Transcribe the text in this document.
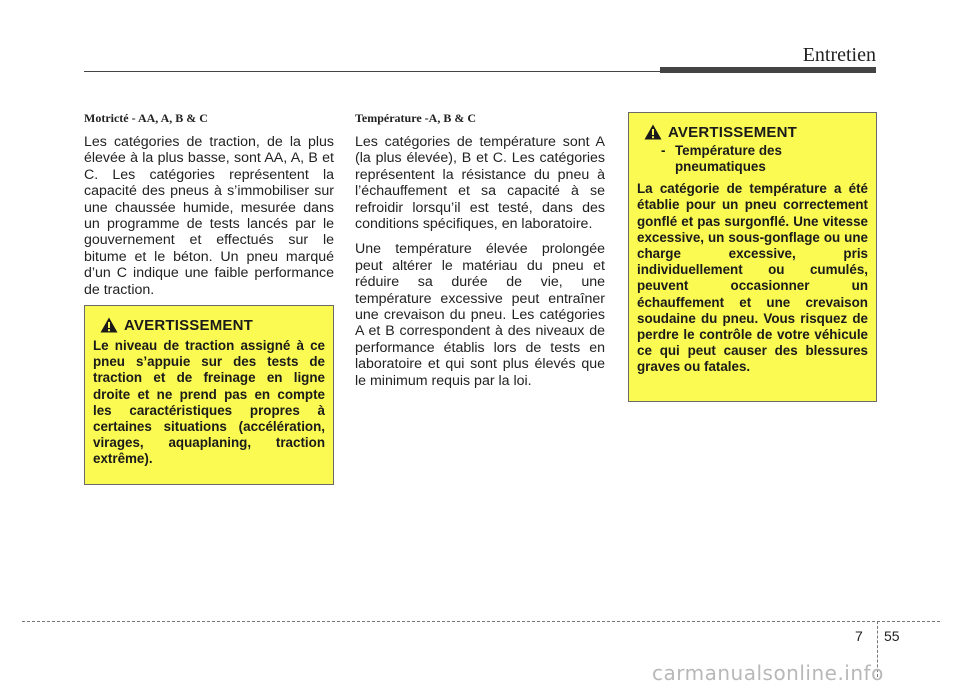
Entretien
Motricté - AA, A, B & C

Les catégories de traction, de la plus élevée à la plus basse, sont AA, A, B et C. Les catégories représentent la capacité des pneus à s’immobiliser sur une chaussée humide, mesurée dans un programme de tests lancés par le gouvernement et effectués sur le bitume et le béton. Un pneu marqué d’un C indique une faible performance de traction.

Température -A, B & C

Les catégories de température sont A (la plus élevée), B et C. Les catégories représentent la résistance du pneu à l’échauffement et sa capacité à se refroidir lorsqu’il est testé, dans des conditions spécifiques, en laboratoire.

Une température élevée prolongée peut altérer le matériau du pneu et réduire sa durée de vie, une température excessive peut entraîner une crevaison du pneu. Les catégories A et B correspondent à des niveaux de performance établis lors de tests en laboratoire et qui sont plus élevés que le minimum requis par la loi.

AVERTISSEMENT

Le niveau de traction assigné à ce pneu s’appuie sur des tests de traction et de freinage en ligne droite et ne prend pas en compte les caractéristiques propres à certaines situations (accélération, virages, aquaplaning, traction extrême).

AVERTISSEMENT
- Température des pneumatiques

La catégorie de température a été établie pour un pneu correctement gonflé et pas surgonflé. Une vitesse excessive, un sous-gonflage ou une charge excessive, pris individuellement ou cumulés, peuvent occasionner un échauffement et une crevaison soudaine du pneu. Vous risquez de perdre le contrôle de votre véhicule ce qui peut causer des blessures graves ou fatales.

7 55
carmanualsonline.info
